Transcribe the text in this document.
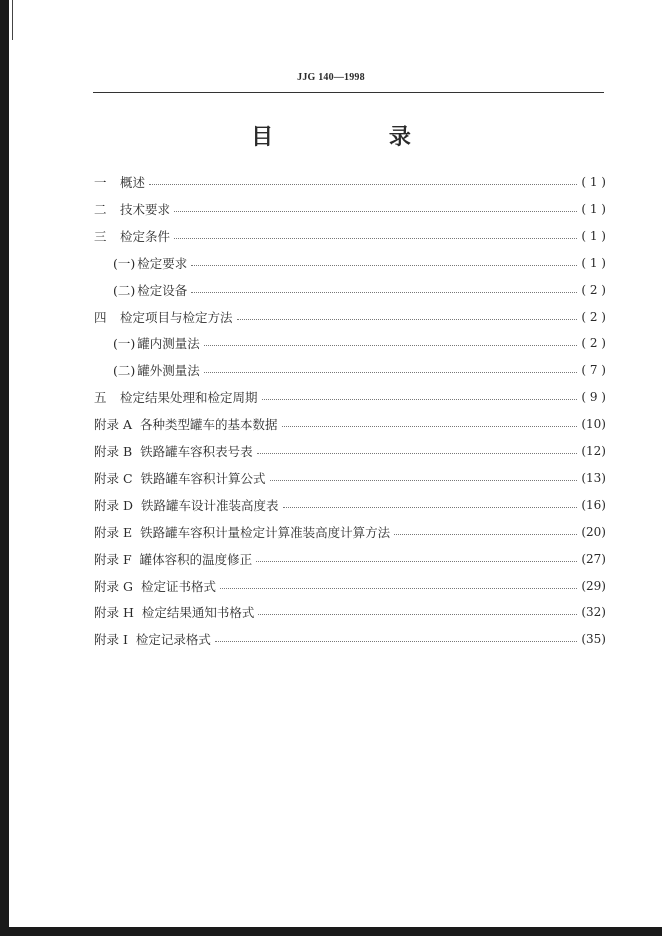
JJG 140—1998
目 录
一	概述	( 1 )
二	技术要求	( 1 )
三	检定条件	( 1 )
(一) 检定要求	( 1 )
(二) 检定设备	( 2 )
四	检定项目与检定方法	( 2 )
(一) 罐内测量法	( 2 )
(二) 罐外测量法	( 7 )
五	检定结果处理和检定周期	( 9 )
附录 A 各种类型罐车的基本数据	(10)
附录 B 铁路罐车容积表号表	(12)
附录 C 铁路罐车容积计算公式	(13)
附录 D 铁路罐车设计准装高度表	(16)
附录 E 铁路罐车容积计量检定计算准装高度计算方法	(20)
附录 F 罐体容积的温度修正	(27)
附录 G 检定证书格式	(29)
附录 H 检定结果通知书格式	(32)
附录 I 检定记录格式	(35)
